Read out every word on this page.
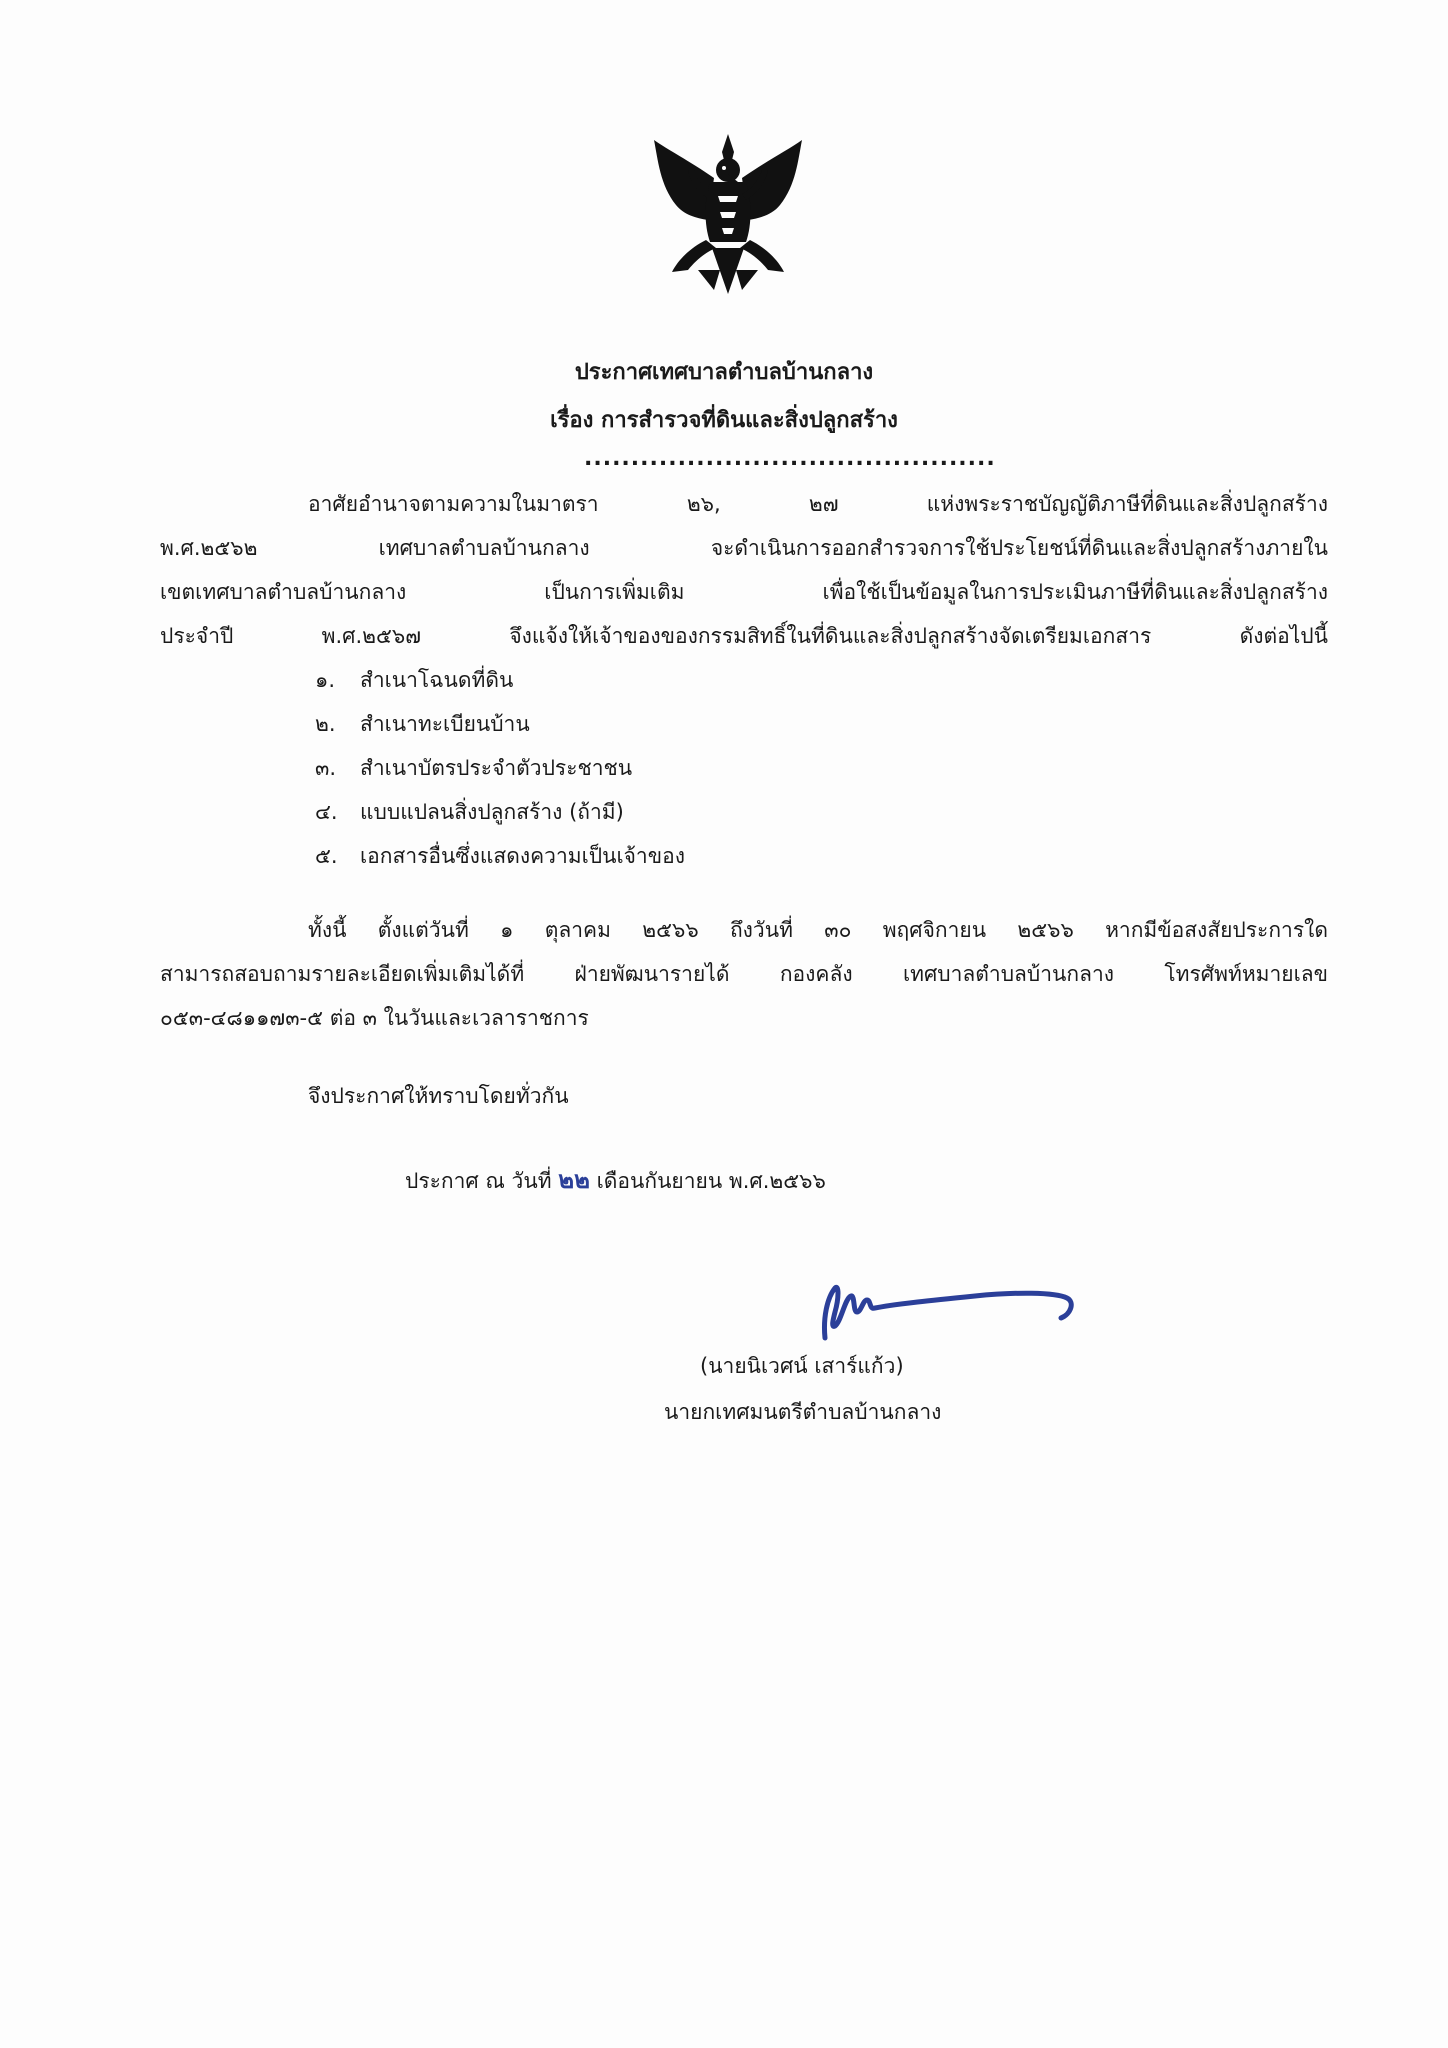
ประกาศเทศบาลตำบลบ้านกลาง
เรื่อง การสำรวจที่ดินและสิ่งปลูกสร้าง
............................................
อาศัยอำนาจตามความในมาตรา ๒๖, ๒๗ แห่งพระราชบัญญัติภาษีที่ดินและสิ่งปลูกสร้าง
พ.ศ.๒๕๖๒ เทศบาลตำบลบ้านกลาง จะดำเนินการออกสำรวจการใช้ประโยชน์ที่ดินและสิ่งปลูกสร้างภายใน
เขตเทศบาลตำบลบ้านกลาง เป็นการเพิ่มเติม เพื่อใช้เป็นข้อมูลในการประเมินภาษีที่ดินและสิ่งปลูกสร้าง
ประจำปี พ.ศ.๒๕๖๗ จึงแจ้งให้เจ้าของของกรรมสิทธิ์ในที่ดินและสิ่งปลูกสร้างจัดเตรียมเอกสาร ดังต่อไปนี้
๑. สำเนาโฉนดที่ดิน
๒. สำเนาทะเบียนบ้าน
๓. สำเนาบัตรประจำตัวประชาชน
๔. แบบแปลนสิ่งปลูกสร้าง (ถ้ามี)
๕. เอกสารอื่นซึ่งแสดงความเป็นเจ้าของ
ทั้งนี้ ตั้งแต่วันที่ ๑ ตุลาคม ๒๕๖๖ ถึงวันที่ ๓๐ พฤศจิกายน ๒๕๖๖ หากมีข้อสงสัยประการใด
สามารถสอบถามรายละเอียดเพิ่มเติมได้ที่ ฝ่ายพัฒนารายได้ กองคลัง เทศบาลตำบลบ้านกลาง โทรศัพท์หมายเลข
๐๕๓-๔๘๑๑๗๓-๕ ต่อ ๓ ในวันและเวลาราชการ
จึงประกาศให้ทราบโดยทั่วกัน
ประกาศ ณ วันที่ ๒๒ เดือนกันยายน พ.ศ.๒๕๖๖
(นายนิเวศน์ เสาร์แก้ว)
นายกเทศมนตรีตำบลบ้านกลาง
